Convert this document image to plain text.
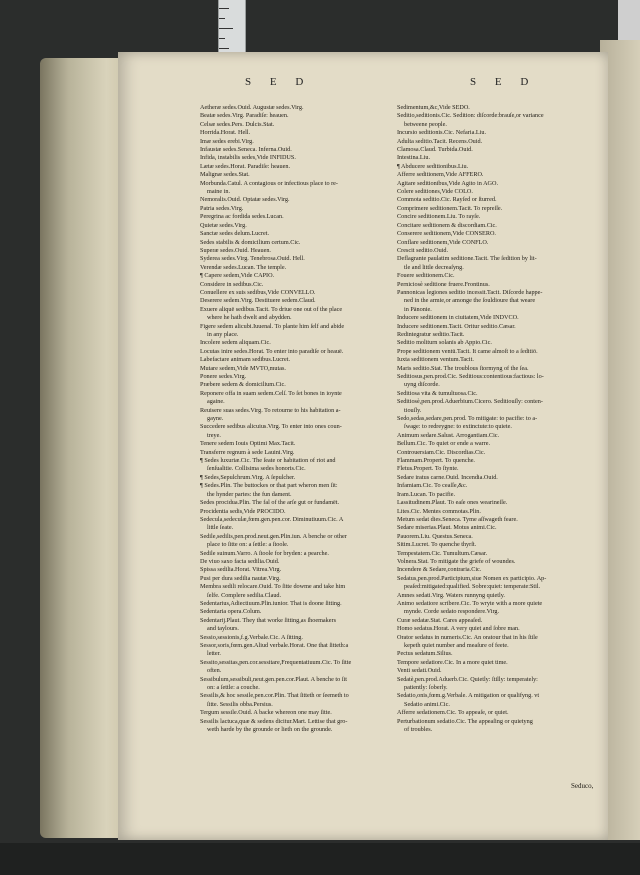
S E D	S E D
Aetheræ sedes.Ouid. Augustæ sedes.Virg.
Beatæ sedes.Virg. Paradiſe: heauen.
Celsæ sedes.Pers. Dulcis.Stat.
Horrida.Horat. Hell.
Imæ sedes erebi.Virg.
Infaustæ sedes.Seneca. Inferna.Ouid.
Infida, instabilis sedes,Vide INFIDUS.
Lætæ sedes.Horat. Paradiſe: heauen.
Malignæ sedes.Stat.
Morbunda.Catul. A contagious or infectious place to re-
maine in.
Nemoralis.Ouid. Optatæ sedes.Virg.
Patria sedes.Virg.
Peregrina ac fordida sedes.Lucan.
Quietæ sedes.Virg.
Sanctæ sedes delum.Lucret.
Sedes stabilis & domicilium certum.Cic.
Superæ sedes.Ouid. Heauen.
Syderea sedes.Virg. Tenebrosa.Ouid. Hell.
Verendæ sedes.Lucan. The temple.
¶ Capere sedem,Vide CAPIO.
Considere in sedibus.Cic.
Conuellere ex suis sedibus,Vide CONVELLO.
Deserere sedem.Virg. Destituere sedem.Claud.
Exuere aliquē sedibus.Tacit. To driue one out of the place
where he hath dwelt and abydden.
Figere sedem alicubi.Iuuenal. To plante him ſelf and abide
in any place.
Incolere sedem aliquam.Cic.
Locutas inire sedes.Horat. To enter into paradiſe or heauē.
Labefactare animam sedibus.Lucret.
Mutare sedem,Vide MVTO,mutas.
Ponere sedes.Virg.
Præbere sedem & domicilium.Cic.
Reponere offa in suam sedem.Celſ. To ſet bones in ioynte
againe.
Reuisere suas sedes.Virg. To retourne to his habitation a-
gayne.
Succedere sedibus alicuius.Virg. To enter into ones coun-
treye.
Tenere sedem Iouis Optimi Max.Tacit.
Transferre regnum à sede Lauini.Virg.
¶ Sedes luxuriæ.Cic. The ſeate or habitation of riot and
ſenſualitie. Collisima sedes honoris.Cic.
¶ Sedes,Sepulchrum.Virg. A ſepulcher.
¶ Sedes.Plin. The buttockes or that part wheron men ſit:
the hynder partes: the fun dament.
Sedes procidua.Plin. The fal of the arſe gut or fundamēt.
Procidentia sedis,Vide PROCIDO.
Sedecula,sedeculæ,fœm.gen.pen.cor. Diminutiuum.Cic. A
little ſeate.
Sedile,sedilis,pen.prod.neut.gen.Plin.iun. A benche or other
place to ſitte on: a ſettle: a ſtoole.
Sedile suinum.Varro. A ſtoole for bryden: a pearche.
De viuo saxo facta sedilia.Ouid.
Spissa sedilia.Horat. Vitrea.Virg.
Pusi per dura sedilia nautæ.Virg.
Membra sedili relocare.Ouid. To ſitte dowme and take him
ſelfe. Complere sedilia.Claud.
Sedentarius,Adiectiuum.Plin.iunior. That is doone ſitting.
Sedentaria opera.Colum.
Sedentarij.Plaut. They that worke ſitting,as ſhoemakers
and taylours.
Sessio,sessionis,f.g.Verbale.Cic. A ſitting.
Sessor,soris,fœm.gen.Aliud verbale.Horat. One that ſitteth:a
letter.
Sessito,sessitas,pen.cor.sessitare,Frequentatiuum.Cic. To ſitte
often.
Sessibulum,sessibuli,neut.gen.pen.cor.Plaut. A benche to ſit
on: a ſettle: a couche.
Sessilis,& hoc sessile,pen.cor.Plin. That ſitteth or ſeemeth to
ſitte. Sessilis obba.Persius.
Tergum sessile.Ouid. A backe whereon one may ſitte.
Sessilis lactuca,quæ & sedens dicitur.Mart. Lettise that gro-
weth harde by the grounde or lieth on the grounde.
Sedimentum,&c,Vide SEDO.
Seditio,seditionis.Cic. Sedition: diſcorde:brauſe,or variance
betweene people.
Incursio seditionis.Cic. Nefaria.Liu.
Adulta seditio.Tacit. Recens.Ouid.
Clamosa.Claud. Turbida.Ouid.
Intestina.Liu.
¶ Abducere seditionibus.Liu.
Afferre seditionem,Vide AFFERO.
Agitare seditionibus,Vide Agito in AGO.
Colere seditiones,Vide COLO.
Commota seditio.Cic. Rayſed or ſturred.
Comprimere seditionem.Tacit. To repreſſe.
Concire seditionem.Liu. To rayſe.
Concitare seditionem & discordiam.Cic.
Conserere seditionem,Vide CONSERO.
Conflare seditionem,Vide CONFLO.
Crescit seditio.Ouid.
Deflagrante paulatim seditione.Tacit. The ſedition by lit-
tle and little decreaſyng.
Fouere seditionem.Cic.
Perniciosè seditione fruere.Frontinus.
Pannonicas legiones seditio incessit.Tacit. Diſcorde happe-
ned in the armie,or amonge the ſouldioure that weare
in Pānonie.
Inducere seditionem in ciuitatem,Vide INDVCO.
Inducere seditionem.Tacit. Oritur seditio.Cæsar.
Redintegratur seditio.Tacit.
Seditio moliturn solanis ab Appio.Cic.
Prope seditionem ventū.Tacit. It came almoſt to a ſeditiō.
Iuxta seditionem ventum.Tacit.
Maris seditio.Stat. The troublous ſtormyng of the ſea.
Seditiosus,pen.prod.Cic. Seditious:contentious:factious: lo-
uyng diſcorde.
Seditiosa vita & tumultuosa.Cic.
Seditiosè,pen.prod.Aduerbium.Cicero. Seditiouſly: conten-
tiouſly.
Sedo,sedas,sedare,pen.prod. To mitigate: to pacifie: to a-
ſwage: to redreygne: to extinctute:to quiete.
Animum sedare.Salust. Arrogantiam.Cic.
Bellum.Cic. To quiet or ende a warre.
Controuersiam.Cic. Discordias.Cic.
Flammam.Propert. To quenche.
Fletus.Propert. To ſtynte.
Sedare iratus carne.Ouid. Incendia.Ouid.
Infamiam.Cic. To ceaſſe,&c.
Iram.Lucan. To pacifie.
Lassitudinem.Plaut. To eaſe ones wearineſſe.
Lites.Cic. Mentes commotas.Plin.
Metum sedat dies.Seneca. Tyme aſſwageth feare.
Sedare miserias.Plaut. Motus animi.Cic.
Pauorem.Liu. Questus.Seneca.
Sitim.Lucret. To quenche thyrſt.
Tempestatem.Cic. Tumultum.Cæsar.
Volnera.Stat. To mitigate the griefe of woundes.
Incendere & Sedare,contraria.Cic.
Sedatus,pen.prod.Participium,siue Nomen ex participio. Ap-
peaſed:mitigated:qualified. Sobre:quiet: temperate:Stil.
Amnes sedati.Virg. Waters runnyng quietly.
Animo sedatiore scribere.Cic. To wryte with a more quiete
mynde. Corde sedato respondere.Virg.
Curæ sedatæ.Stat. Cares appeaſed.
Homo sedatus.Horat. A very quiet and ſobre man.
Orator sedatus in numeris.Cic. An oratour that in his ſtile
kepeth quiet number and meaſure of feete.
Pectus sedatum.Silius.
Tempore sedatiore.Cic. In a more quiet time.
Venti sedati.Ouid.
Sedatè,pen.prod.Aduerb.Cic. Quietly: ſtilly: temperately:
patiently: ſoberly.
Sedatio,onis,fœm.g.Verbale. A mitigation or qualifyng. vt
Sedatio animi.Cic.
Afferre sedationem.Cic. To appeaſe, or quiet.
Perturbationum sedatio.Cic. The appeaſing or quietyng
of troubles.
Seduco,
